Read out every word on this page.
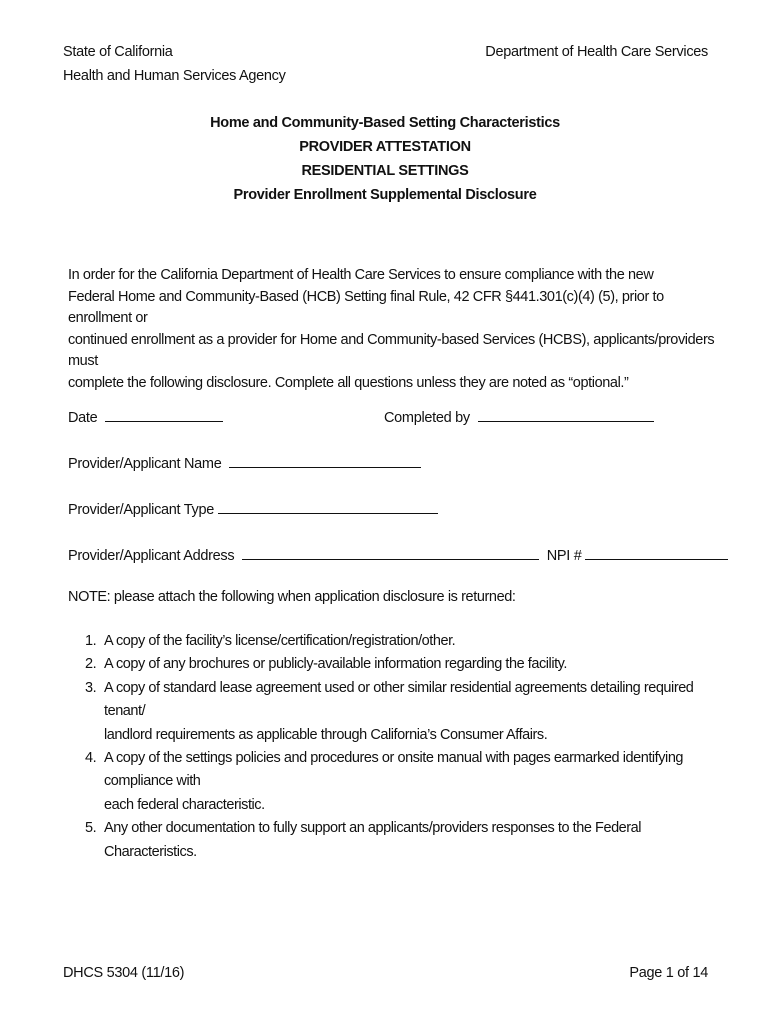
State of California
Health and Human Services Agency
Department of Health Care Services
Home and Community-Based Setting Characteristics
PROVIDER ATTESTATION
RESIDENTIAL SETTINGS
Provider Enrollment Supplemental Disclosure
In order for the California Department of Health Care Services to ensure compliance with the new
Federal Home and Community-Based (HCB) Setting final Rule, 42 CFR §441.301(c)(4) (5), prior to enrollment or
continued enrollment as a provider for Home and Community-based Services (HCBS), applicants/providers must
complete the following disclosure. Complete all questions unless they are noted as “optional.”
Date	Completed by
Provider/Applicant Name
Provider/Applicant Type
Provider/Applicant Address	NPI #
NOTE: please attach the following when application disclosure is returned:
1. A copy of the facility’s license/certification/registration/other.
2. A copy of any brochures or publicly-available information regarding the facility.
3. A copy of standard lease agreement used or other similar residential agreements detailing required tenant/
landlord requirements as applicable through California’s Consumer Affairs.
4. A copy of the settings policies and procedures or onsite manual with pages earmarked identifying compliance with
each federal characteristic.
5. Any other documentation to fully support an applicants/providers responses to the Federal Characteristics.
DHCS 5304 (11/16)	Page 1 of 14
